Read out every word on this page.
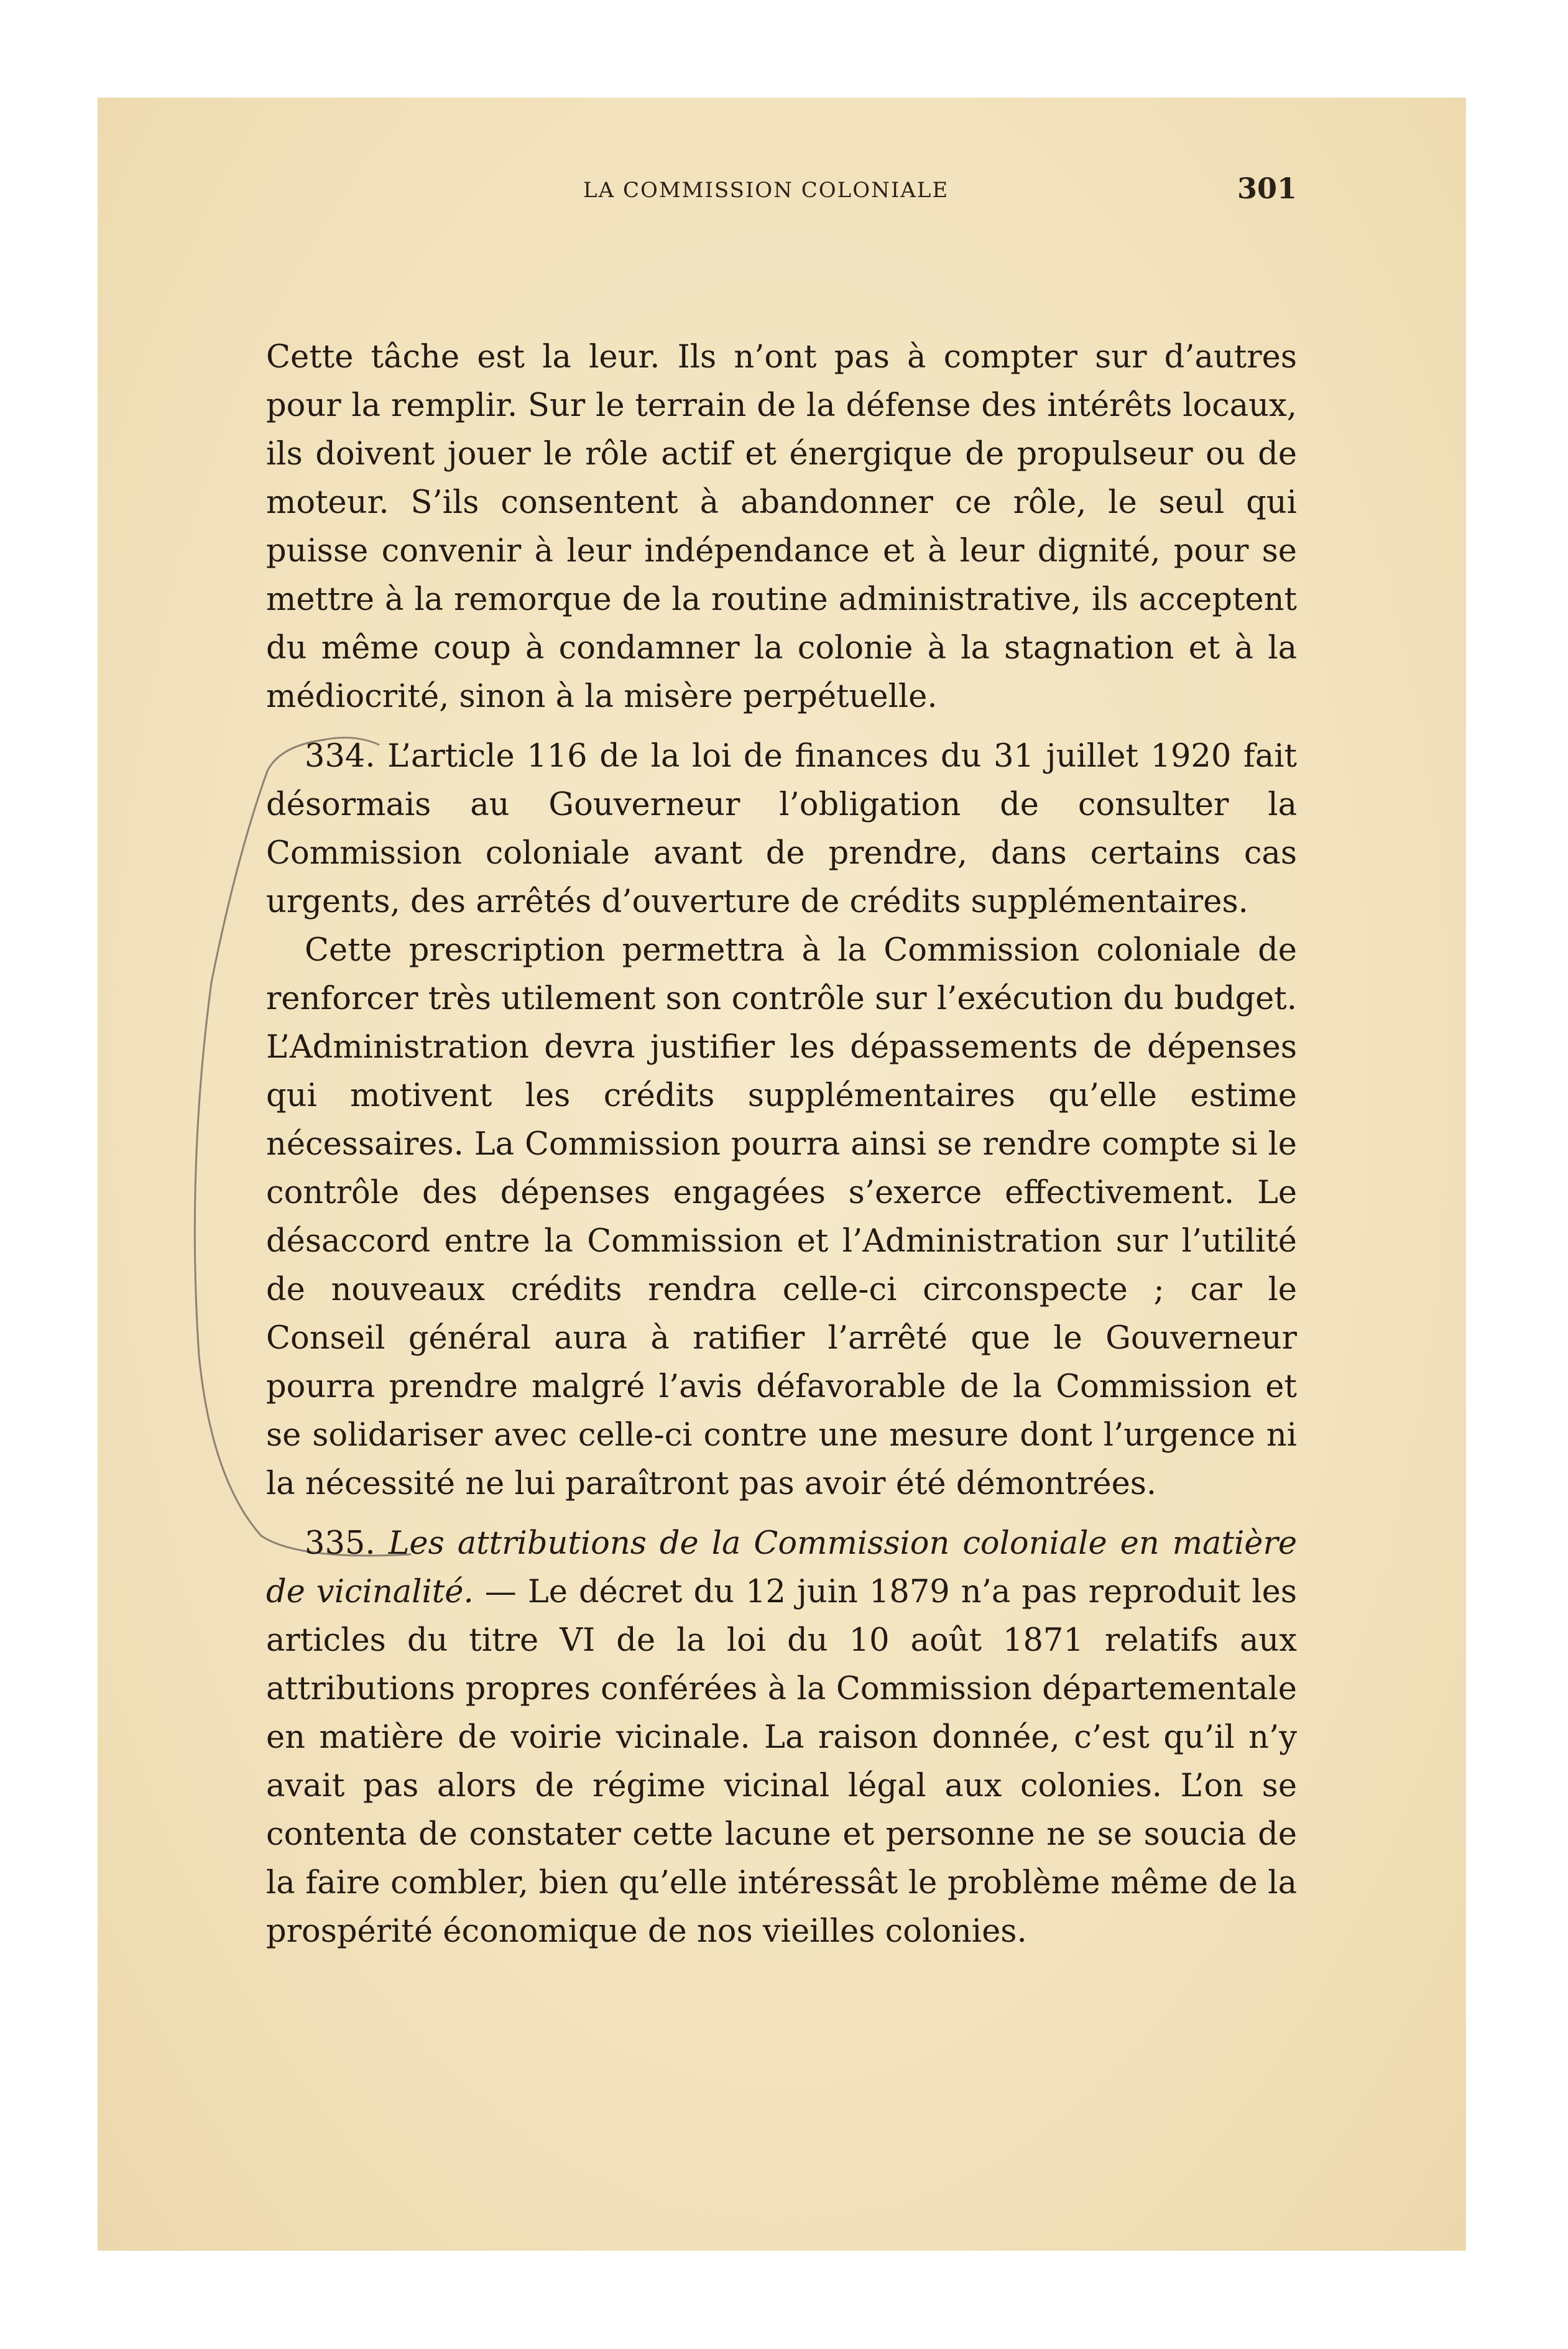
LA COMMISSION COLONIALE	301

Cette tâche est la leur. Ils n’ont pas à compter sur d’autres pour la remplir. Sur le terrain de la défense des intérêts locaux, ils doivent jouer le rôle actif et énergique de propulseur ou de moteur. S’ils consentent à abandonner ce rôle, le seul qui puisse convenir à leur indépendance et à leur dignité, pour se mettre à la remorque de la routine administrative, ils acceptent du même coup à condamner la colonie à la stagnation et à la médiocrité, sinon à la misère perpétuelle.

334. L’article 116 de la loi de finances du 31 juillet 1920 fait désormais au Gouverneur l’obligation de consulter la Commission coloniale avant de prendre, dans certains cas urgents, des arrêtés d’ouverture de crédits supplémentaires.

Cette prescription permettra à la Commission coloniale de renforcer très utilement son contrôle sur l’exécution du budget. L’Administration devra justifier les dépassements de dépenses qui motivent les crédits supplémentaires qu’elle estime nécessaires. La Commission pourra ainsi se rendre compte si le contrôle des dépenses engagées s’exerce effectivement. Le désaccord entre la Commission et l’Administration sur l’utilité de nouveaux crédits rendra celle-ci circonspecte ; car le Conseil général aura à ratifier l’arrêté que le Gouverneur pourra prendre malgré l’avis défavorable de la Commission et se solidariser avec celle-ci contre une mesure dont l’urgence ni la nécessité ne lui paraîtront pas avoir été démontrées.

335. Les attributions de la Commission coloniale en matière de vicinalité. — Le décret du 12 juin 1879 n’a pas reproduit les articles du titre VI de la loi du 10 août 1871 relatifs aux attributions propres conférées à la Commission départementale en matière de voirie vicinale. La raison donnée, c’est qu’il n’y avait pas alors de régime vicinal légal aux colonies. L’on se contenta de constater cette lacune et personne ne se soucia de la faire combler, bien qu’elle intéressât le problème même de la prospérité économique de nos vieilles colonies.
